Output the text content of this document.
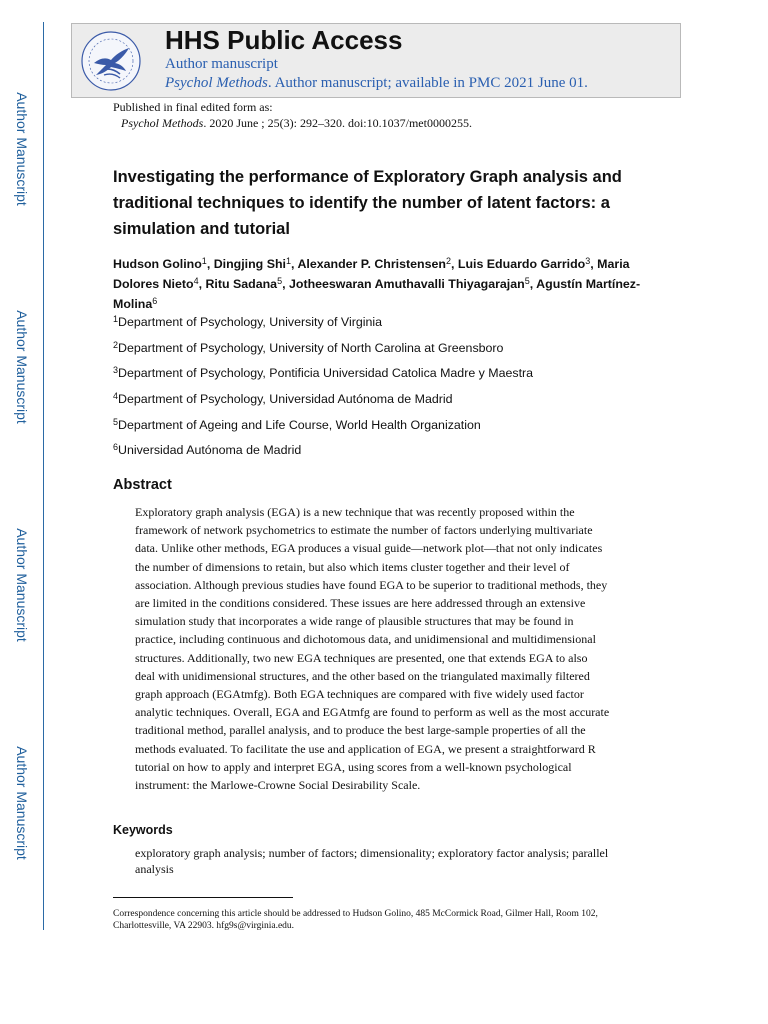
Author Manuscript
Author Manuscript
Author Manuscript
Author Manuscript
HHS Public Access
Author manuscript
Psychol Methods. Author manuscript; available in PMC 2021 June 01.
Published in final edited form as:
Psychol Methods. 2020 June ; 25(3): 292–320. doi:10.1037/met0000255.
Investigating the performance of Exploratory Graph analysis and
traditional techniques to identify the number of latent factors: a
simulation and tutorial
Hudson Golino$^1$, Dingjing Shi$^1$, Alexander P. Christensen$^2$, Luis Eduardo Garrido$^3$, Maria Dolores Nieto$^4$, Ritu Sadana$^5$, Jotheeswaran Amuthavalli Thiyagarajan$^5$, Agustín Martínez-Molina$^6$
$^1$Department of Psychology, University of Virginia
$^2$Department of Psychology, University of North Carolina at Greensboro
$^3$Department of Psychology, Pontificia Universidad Catolica Madre y Maestra
$^4$Department of Psychology, Universidad Autónoma de Madrid
$^5$Department of Ageing and Life Course, World Health Organization
$^6$Universidad Autónoma de Madrid
Abstract
Exploratory graph analysis (EGA) is a new technique that was recently proposed within the
framework of network psychometrics to estimate the number of factors underlying multivariate
data. Unlike other methods, EGA produces a visual guide—network plot—that not only indicates
the number of dimensions to retain, but also which items cluster together and their level of
association. Although previous studies have found EGA to be superior to traditional methods, they
are limited in the conditions considered. These issues are here addressed through an extensive
simulation study that incorporates a wide range of plausible structures that may be found in
practice, including continuous and dichotomous data, and unidimensional and multidimensional
structures. Additionally, two new EGA techniques are presented, one that extends EGA to also
deal with unidimensional structures, and the other based on the triangulated maximally filtered
graph approach (EGAtmfg). Both EGA techniques are compared with five widely used factor
analytic techniques. Overall, EGA and EGAtmfg are found to perform as well as the most accurate
traditional method, parallel analysis, and to produce the best large-sample properties of all the
methods evaluated. To facilitate the use and application of EGA, we present a straightforward R
tutorial on how to apply and interpret EGA, using scores from a well-known psychological
instrument: the Marlowe-Crowne Social Desirability Scale.
Keywords
exploratory graph analysis; number of factors; dimensionality; exploratory factor analysis; parallel
analysis
Correspondence concerning this article should be addressed to Hudson Golino, 485 McCormick Road, Gilmer Hall, Room 102,
Charlottesville, VA 22903. hfg9s@virginia.edu.
